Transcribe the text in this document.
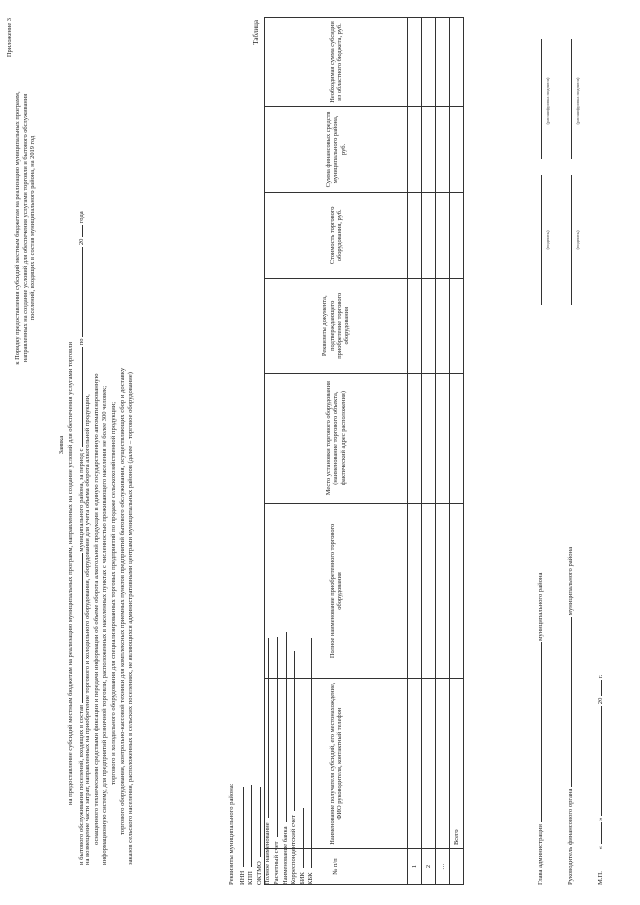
Приложение 3
к Порядку предоставления субсидий местным бюджетам на реализацию муниципальных программ, направленных на создание условий для обеспечения услугами торговли и бытового обслуживания поселений, входящих в состав муниципального района, на 2019 год
Заявка на предоставление субсидий местным бюджетам на реализацию муниципальных программ, направленных на создание условий для обеспечения услугами торговли и бытового обслуживания поселений, входящих в состав  муниципального района, за период с  по  20  года
на возмещение части затрат, направленных на приобретение торгового и холодильного оборудования, оборудования для учета объема оборота алкогольной продукции, оснащенного техническими средствами фиксации и передачи информации об объеме оборота алкогольной продукции в единую государственную автоматизированную информационную систему, для предприятий розничной торговли, расположенных в населенных пунктах с численностью проживающего населения не более 300 человек; торгового и холодильного оборудования для специализированных торговых предприятий по продаже сельскохозяйственной продукции; торгового оборудования, контрольно-кассовой техники для комплексных приемных пунктов предприятий бытового обслуживания, осуществляющих сбор и доставку заказов сельского населения, расположенных в сельских поселениях, не являющихся административными центрами муниципальных районов (далее – торговое оборудование)	Реквизиты муниципального района: ИНН КПП ОКТМО Полное наименование Расчетный счет Наименование банка Корреспондентский счет БИК КБК
Таблица
№ п/п	Наименование получателя субсидий, его местонахождение, ФИО руководителя, контактный телефон	Полное наименование приобретенного торгового оборудования	Место установки торгового оборудования (наименование торгового объекта, фактический адрес расположения)	Реквизиты документа, подтверждающего приобретение торгового оборудования	Стоимость торгового оборудования, руб.	Сумма финансовых средств муниципального района, руб.	Необходимая сумма субсидии из областного бюджета, руб.
1							
2							
…							
	Всего							Глава администрации  муниципального района

(подпись)
(расшифровка подписи)
Руководитель финансового органа  муниципального района

(подпись)
(расшифровка подписи)
М.П. «  »  20  г.
